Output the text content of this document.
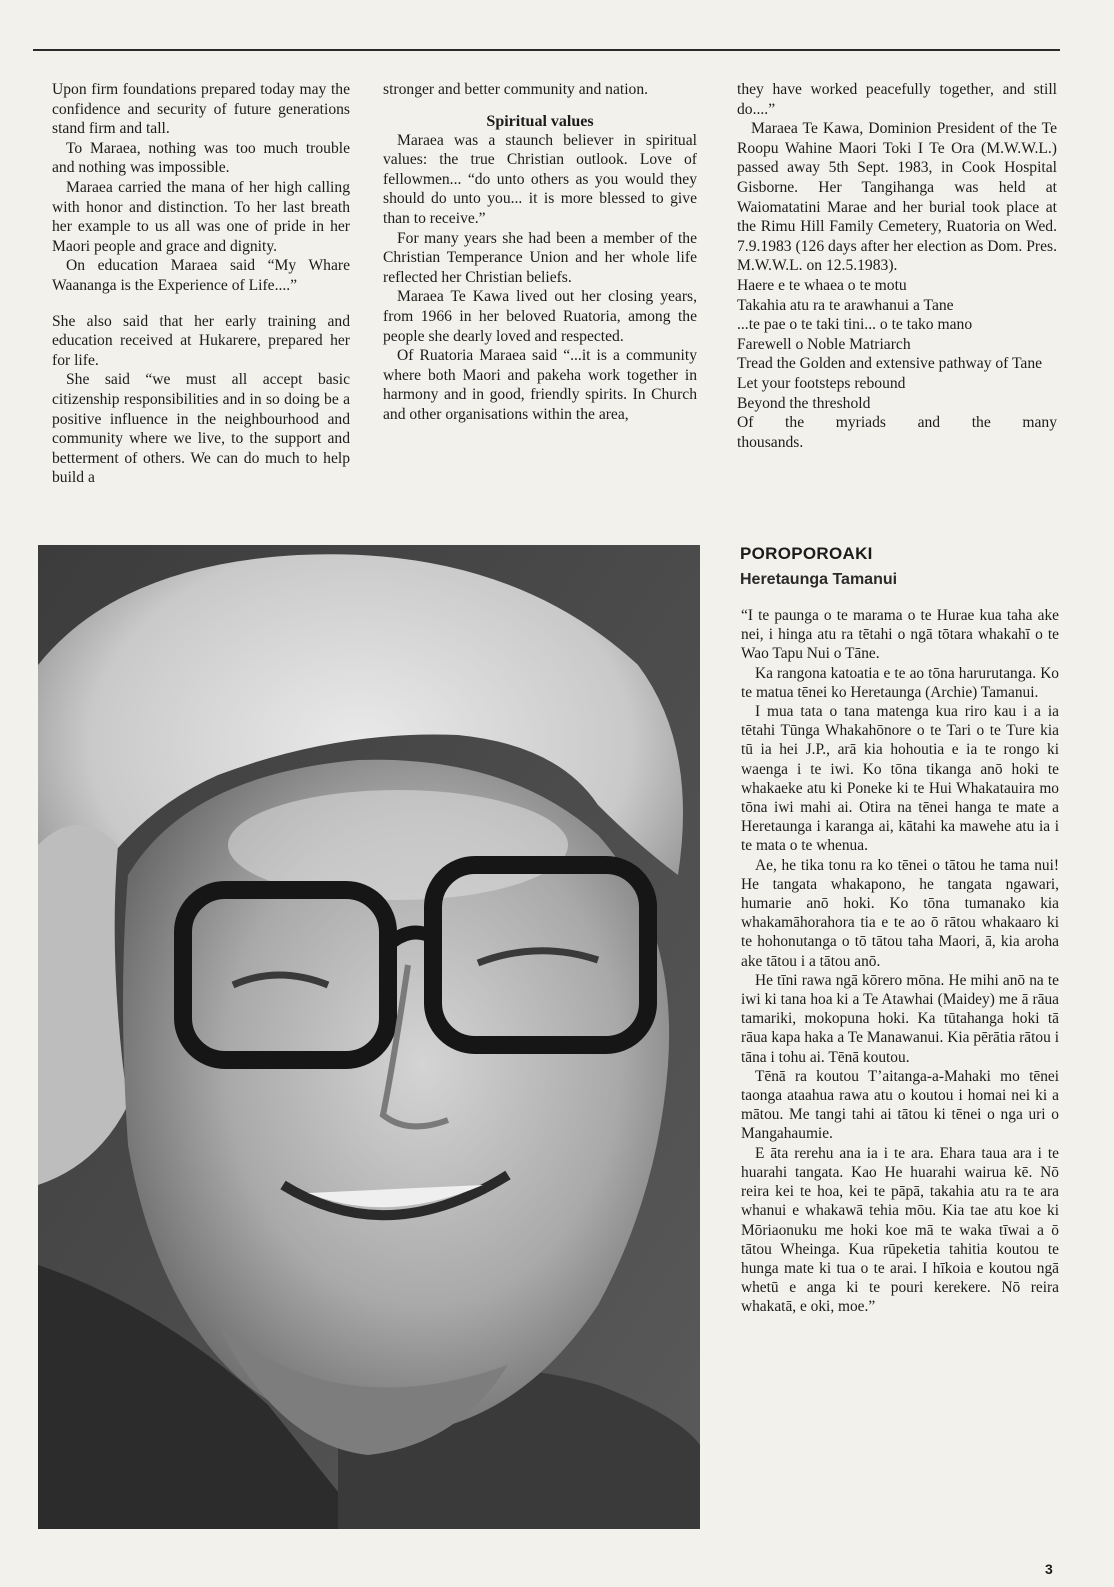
Upon firm foundations prepared today may the confidence and security of future generations stand firm and tall.

To Maraea, nothing was too much trouble and nothing was impossible.

Maraea carried the mana of her high calling with honor and distinction. To her last breath her example to us all was one of pride in her Maori people and grace and dignity.

On education Maraea said “My Whare Waananga is the Experience of Life....”

She also said that her early training and education received at Hukarere, prepared her for life.

She said “we must all accept basic citizenship responsibilities and in so doing be a positive influence in the neighbourhood and community where we live, to the support and betterment of others. We can do much to help build a

stronger and better community and nation.

Spiritual values

Maraea was a staunch believer in spiritual values: the true Christian outlook. Love of fellowmen... “do unto others as you would they should do unto you... it is more blessed to give than to receive.”

For many years she had been a member of the Christian Temperance Union and her whole life reflected her Christian beliefs.

Maraea Te Kawa lived out her closing years, from 1966 in her beloved Ruatoria, among the people she dearly loved and respected.

Of Ruatoria Maraea said “...it is a community where both Maori and pakeha work together in harmony and in good, friendly spirits. In Church and other organisations within the area,

they have worked peacefully together, and still do....”

Maraea Te Kawa, Dominion President of the Te Roopu Wahine Maori Toki I Te Ora (M.W.W.L.) passed away 5th Sept. 1983, in Cook Hospital Gisborne. Her Tangihanga was held at Waiomatatini Marae and her burial took place at the Rimu Hill Family Cemetery, Ruatoria on Wed. 7.9.1983 (126 days after her election as Dom. Pres. M.W.W.L. on 12.5.1983).

Haere e te whaea o te motu

Takahia atu ra te arawhanui a Tane

...te pae o te taki tini... o te tako mano

Farewell o Noble Matriarch

Tread the Golden and extensive pathway of Tane

Let your footsteps rebound

Beyond the threshold

Of the myriads and the many

thousands.

POROPOROAKI
Heretaunga Tamanui

“I te paunga o te marama o te Hurae kua taha ake nei, i hinga atu ra tētahi o ngā tōtara whakahī o te Wao Tapu Nui o Tāne.

Ka rangona katoatia e te ao tōna harurutanga. Ko te matua tēnei ko Heretaunga (Archie) Tamanui.

I mua tata o tana matenga kua riro kau i a ia tētahi Tūnga Whakahōnore o te Tari o te Ture kia tū ia hei J.P., arā kia hohoutia e ia te rongo ki waenga i te iwi. Ko tōna tikanga anō hoki te whakaeke atu ki Poneke ki te Hui Whakatauira mo tōna iwi mahi ai. Otira na tēnei hanga te mate a Heretaunga i karanga ai, kātahi ka mawehe atu ia i te mata o te whenua.

Ae, he tika tonu ra ko tēnei o tātou he tama nui! He tangata whakapono, he tangata ngawari, humarie anō hoki. Ko tōna tumanako kia whakamāhorahora tia e te ao ō rātou whakaaro ki te hohonutanga o tō tātou taha Maori, ā, kia aroha ake tātou i a tātou anō.

He tīni rawa ngā kōrero mōna. He mihi anō na te iwi ki tana hoa ki a Te Atawhai (Maidey) me ā rāua tamariki, mokopuna hoki. Ka tūtahanga hoki tā rāua kapa haka a Te Manawanui. Kia pērātia rātou i tāna i tohu ai. Tēnā koutou.

Tēnā ra koutou T’aitanga-a-Mahaki mo tēnei taonga ataahua rawa atu o koutou i homai nei ki a mātou. Me tangi tahi ai tātou ki tēnei o nga uri o Mangahaumie.

E āta rerehu ana ia i te ara. Ehara taua ara i te huarahi tangata. Kao He huarahi wairua kē. Nō reira kei te hoa, kei te pāpā, takahia atu ra te ara whanui e whakawā tehia mōu. Kia tae atu koe ki Mōriaonuku me hoki koe mā te waka tīwai a ō tātou Wheinga. Kua rūpeketia tahitia koutou te hunga mate ki tua o te arai. I hīkoia e koutou ngā whetū e anga ki te pouri kerekere. Nō reira whakatā, e oki, moe.”

3
